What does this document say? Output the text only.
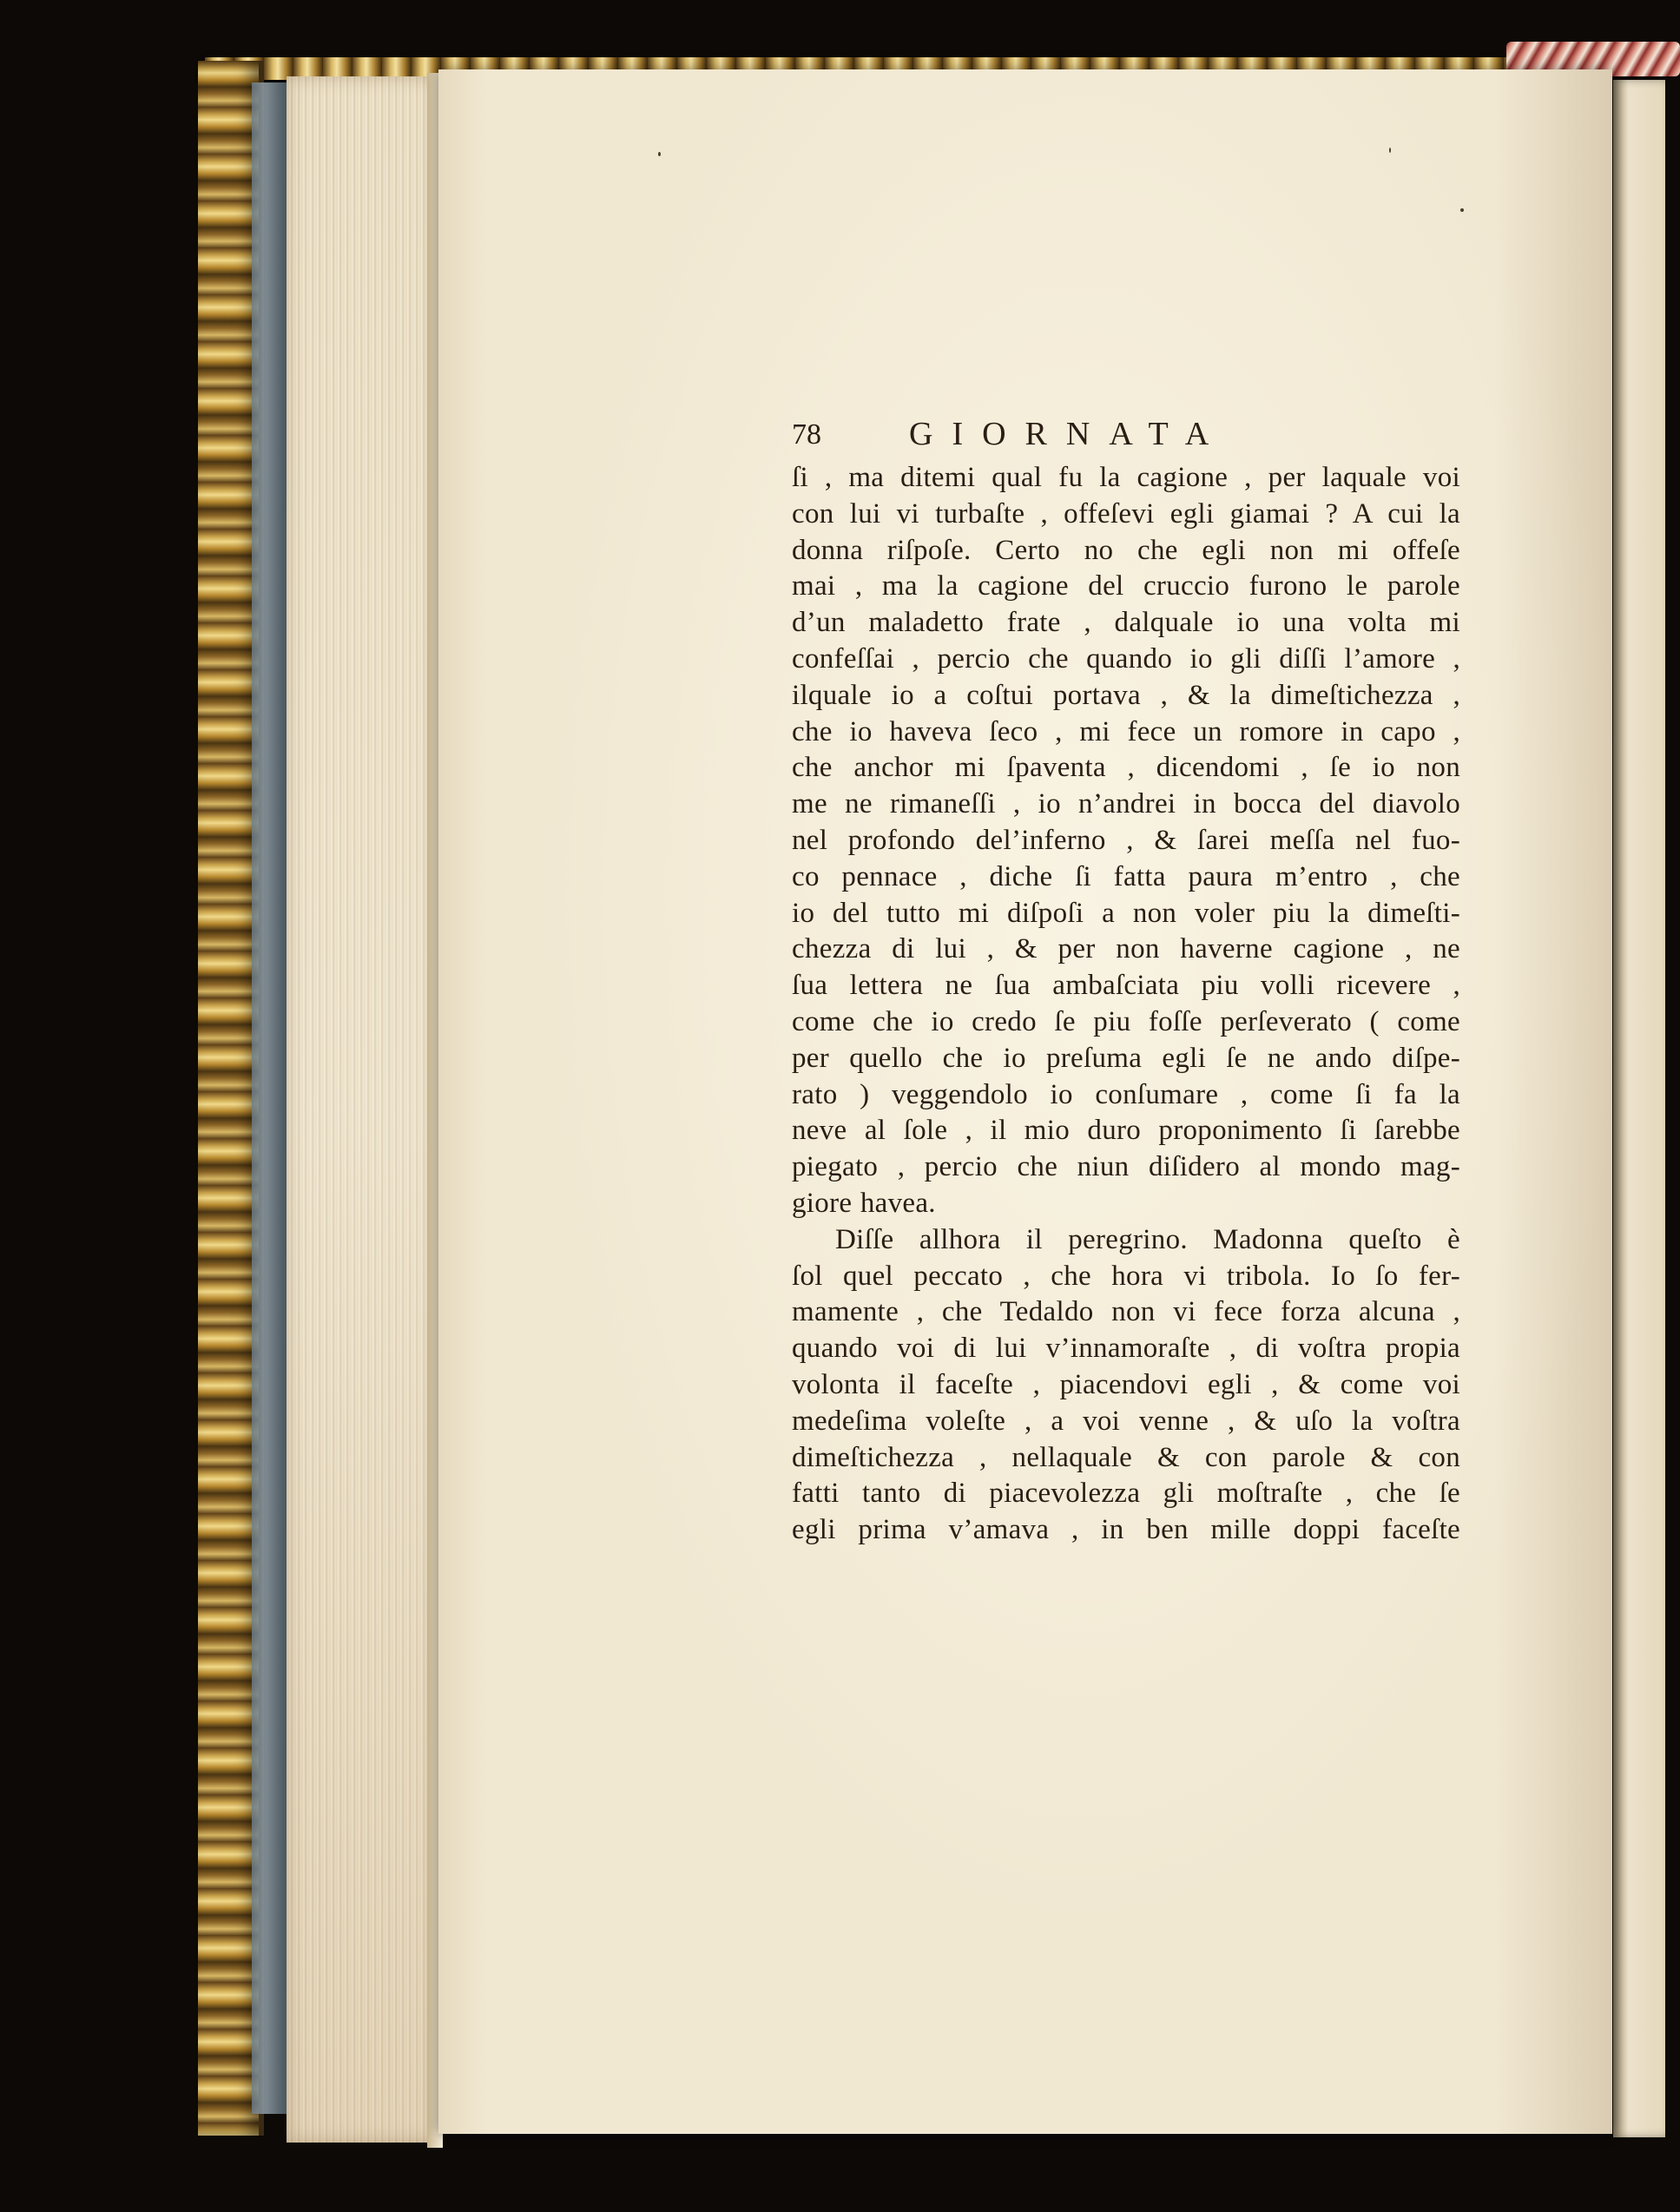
78	GIORNATA
ſi , ma ditemi qual fu la cagione , per laquale voi
con lui vi turbaſte , offeſevi egli giamai ? A cui la
donna riſpoſe. Certo no che egli non mi offeſe
mai , ma la cagione del cruccio furono le parole
d’un maladetto frate , dalquale io una volta mi
confeſſai , percio che quando io gli diſſi l’amore ,
ilquale io a coſtui portava , & la dimeſtichezza ,
che io haveva ſeco , mi fece un romore in capo ,
che anchor mi ſpaventa , dicendomi , ſe io non
me ne rimaneſſi , io n’andrei in bocca del diavolo
nel profondo del’inferno , & ſarei meſſa nel fuo-
co pennace , diche ſi fatta paura m’entro , che
io del tutto mi diſpoſi a non voler piu la dimeſti-
chezza di lui , & per non haverne cagione , ne
ſua lettera ne ſua ambaſciata piu volli ricevere ,
come che io credo ſe piu foſſe perſeverato ( come
per quello che io preſuma egli ſe ne ando diſpe-
rato ) veggendolo io conſumare , come ſi fa la
neve al ſole , il mio duro proponimento ſi ſarebbe
piegato , percio che niun diſidero al mondo mag-
giore havea.
Diſſe allhora il peregrino. Madonna queſto è
ſol quel peccato , che hora vi tribola. Io ſo fer-
mamente , che Tedaldo non vi fece forza alcuna ,
quando voi di lui v’innamoraſte , di voſtra propia
volonta il faceſte , piacendovi egli , & come voi
medeſima voleſte , a voi venne , & uſo la voſtra
dimeſtichezza , nellaquale & con parole & con
fatti tanto di piacevolezza gli moſtraſte , che ſe
egli prima v’amava , in ben mille doppi faceſte
